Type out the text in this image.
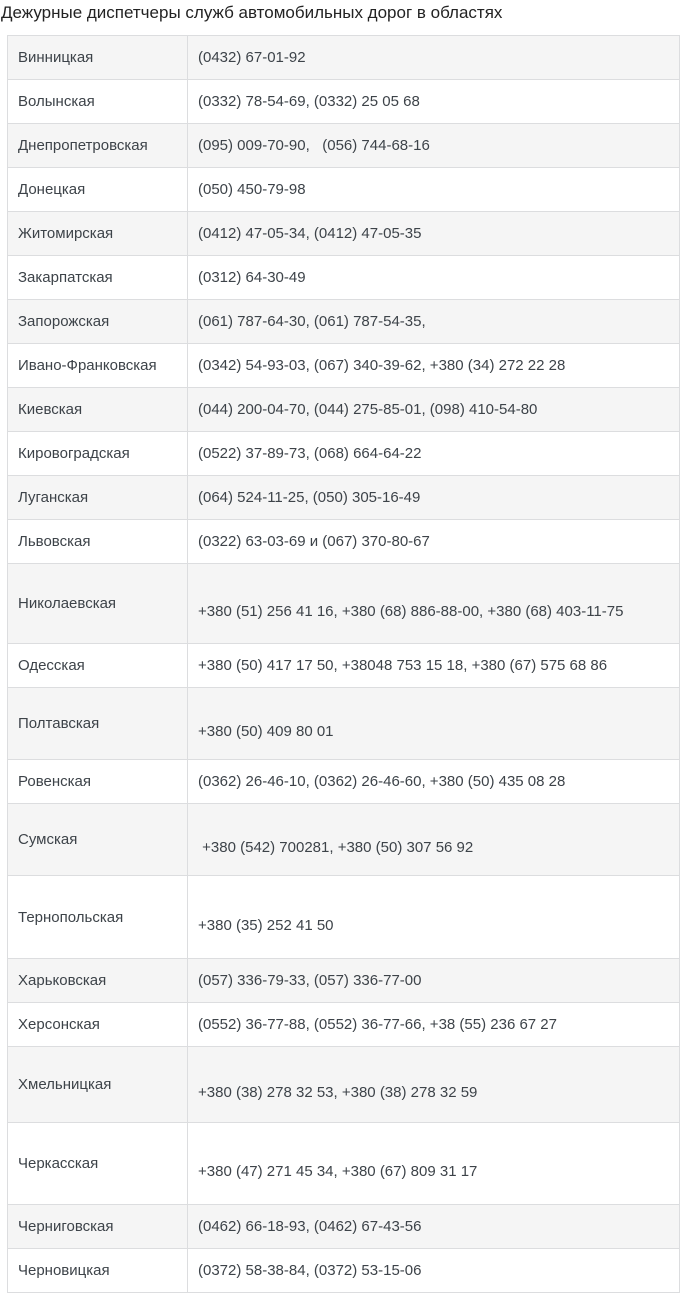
Дежурные диспетчеры служб автомобильных дорог в областях
Винницкая	(0432) 67-01-92
Волынская	(0332) 78-54-69, (0332) 25 05 68
Днепропетровская	(095) 009-70-90,   (056) 744-68-16
Донецкая	(050) 450-79-98
Житомирская	(0412) 47-05-34, (0412) 47-05-35
Закарпатская	(0312) 64-30-49
Запорожская	(061) 787-64-30, (061) 787-54-35,
Ивано-Франковская	(0342) 54-93-03, (067) 340-39-62, +380 (34) 272 22 28
Киевская	(044) 200-04-70, (044) 275-85-01, (098) 410-54-80
Кировоградская	(0522) 37-89-73, (068) 664-64-22
Луганская	(064) 524-11-25, (050) 305-16-49
Львовская	(0322) 63-03-69 и (067) 370-80-67
Николаевская	+380 (51) 256 41 16, +380 (68) 886-88-00, +380 (68) 403-11-75
Одесская	+380 (50) 417 17 50, +38048 753 15 18, +380 (67) 575 68 86
Полтавская	+380 (50) 409 80 01
Ровенская	(0362) 26-46-10, (0362) 26-46-60, +380 (50) 435 08 28
Сумская	+380 (542) 700281, +380 (50) 307 56 92
Тернопольская	+380 (35) 252 41 50
Харьковская	(057) 336-79-33, (057) 336-77-00
Херсонская	(0552) 36-77-88, (0552) 36-77-66, +38 (55) 236 67 27
Хмельницкая	+380 (38) 278 32 53, +380 (38) 278 32 59
Черкасская	+380 (47) 271 45 34, +380 (67) 809 31 17
Черниговская	(0462) 66-18-93, (0462) 67-43-56
Черновицкая	(0372) 58-38-84, (0372) 53-15-06
